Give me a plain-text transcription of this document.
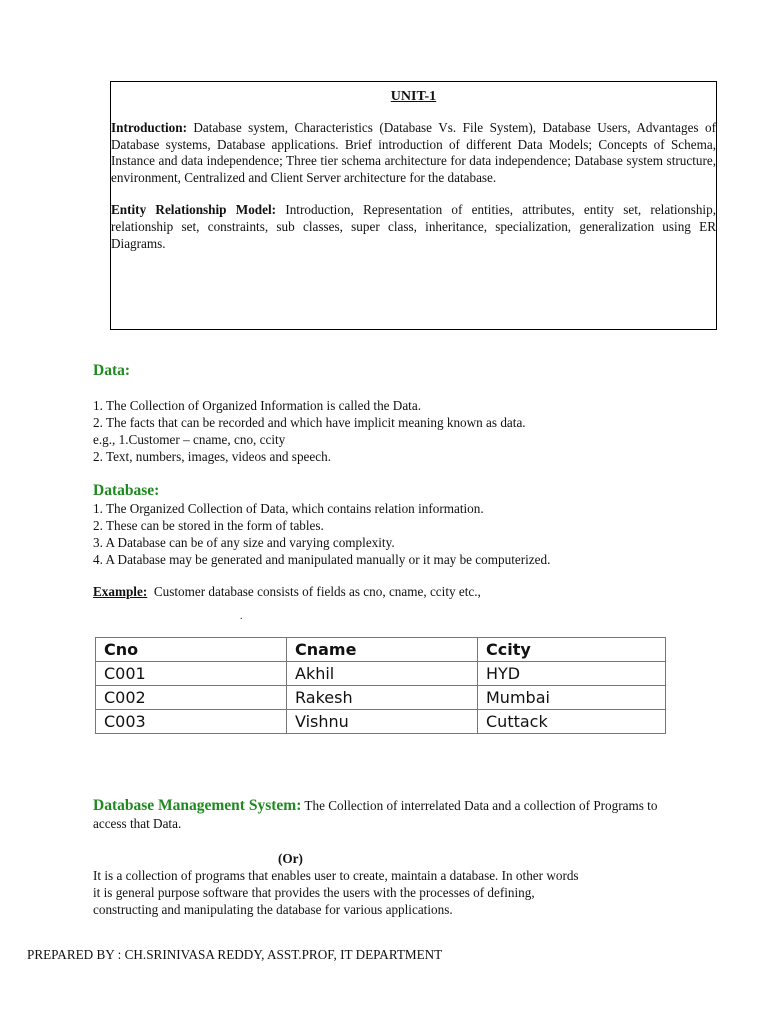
UNIT-1
Introduction: Database system, Characteristics (Database Vs. File System), Database Users, Advantages of Database systems, Database applications. Brief introduction of different Data Models; Concepts of Schema, Instance and data independence; Three tier schema architecture for data independence; Database system structure, environment, Centralized and Client Server architecture for the database.
Entity Relationship Model: Introduction, Representation of entities, attributes, entity set, relationship, relationship set, constraints, sub classes, super class, inheritance, specialization, generalization using ER Diagrams.
Data:
1. The Collection of Organized Information is called the Data.
2. The facts that can be recorded and which have implicit meaning known as data.
e.g., 1.Customer – cname, cno, ccity
2. Text, numbers, images, videos and speech.
Database:
1. The Organized Collection of Data, which contains relation information.
2. These can be stored in the form of tables.
3. A Database can be of any size and varying complexity.
4. A Database may be generated and manipulated manually or it may be computerized.
Example: Customer database consists of fields as cno, cname, ccity etc.,
.
Cno	Cname	Ccity
C001	Akhil	HYD
C002	Rakesh	Mumbai
C003	Vishnu	Cuttack
Database Management System: The Collection of interrelated Data and a collection of Programs to access that Data.
(Or)
It is a collection of programs that enables user to create, maintain a database. In other words
it is general purpose software that provides the users with the processes of defining,
constructing and manipulating the database for various applications.
PREPARED BY : CH.SRINIVASA REDDY, ASST.PROF, IT DEPARTMENT
